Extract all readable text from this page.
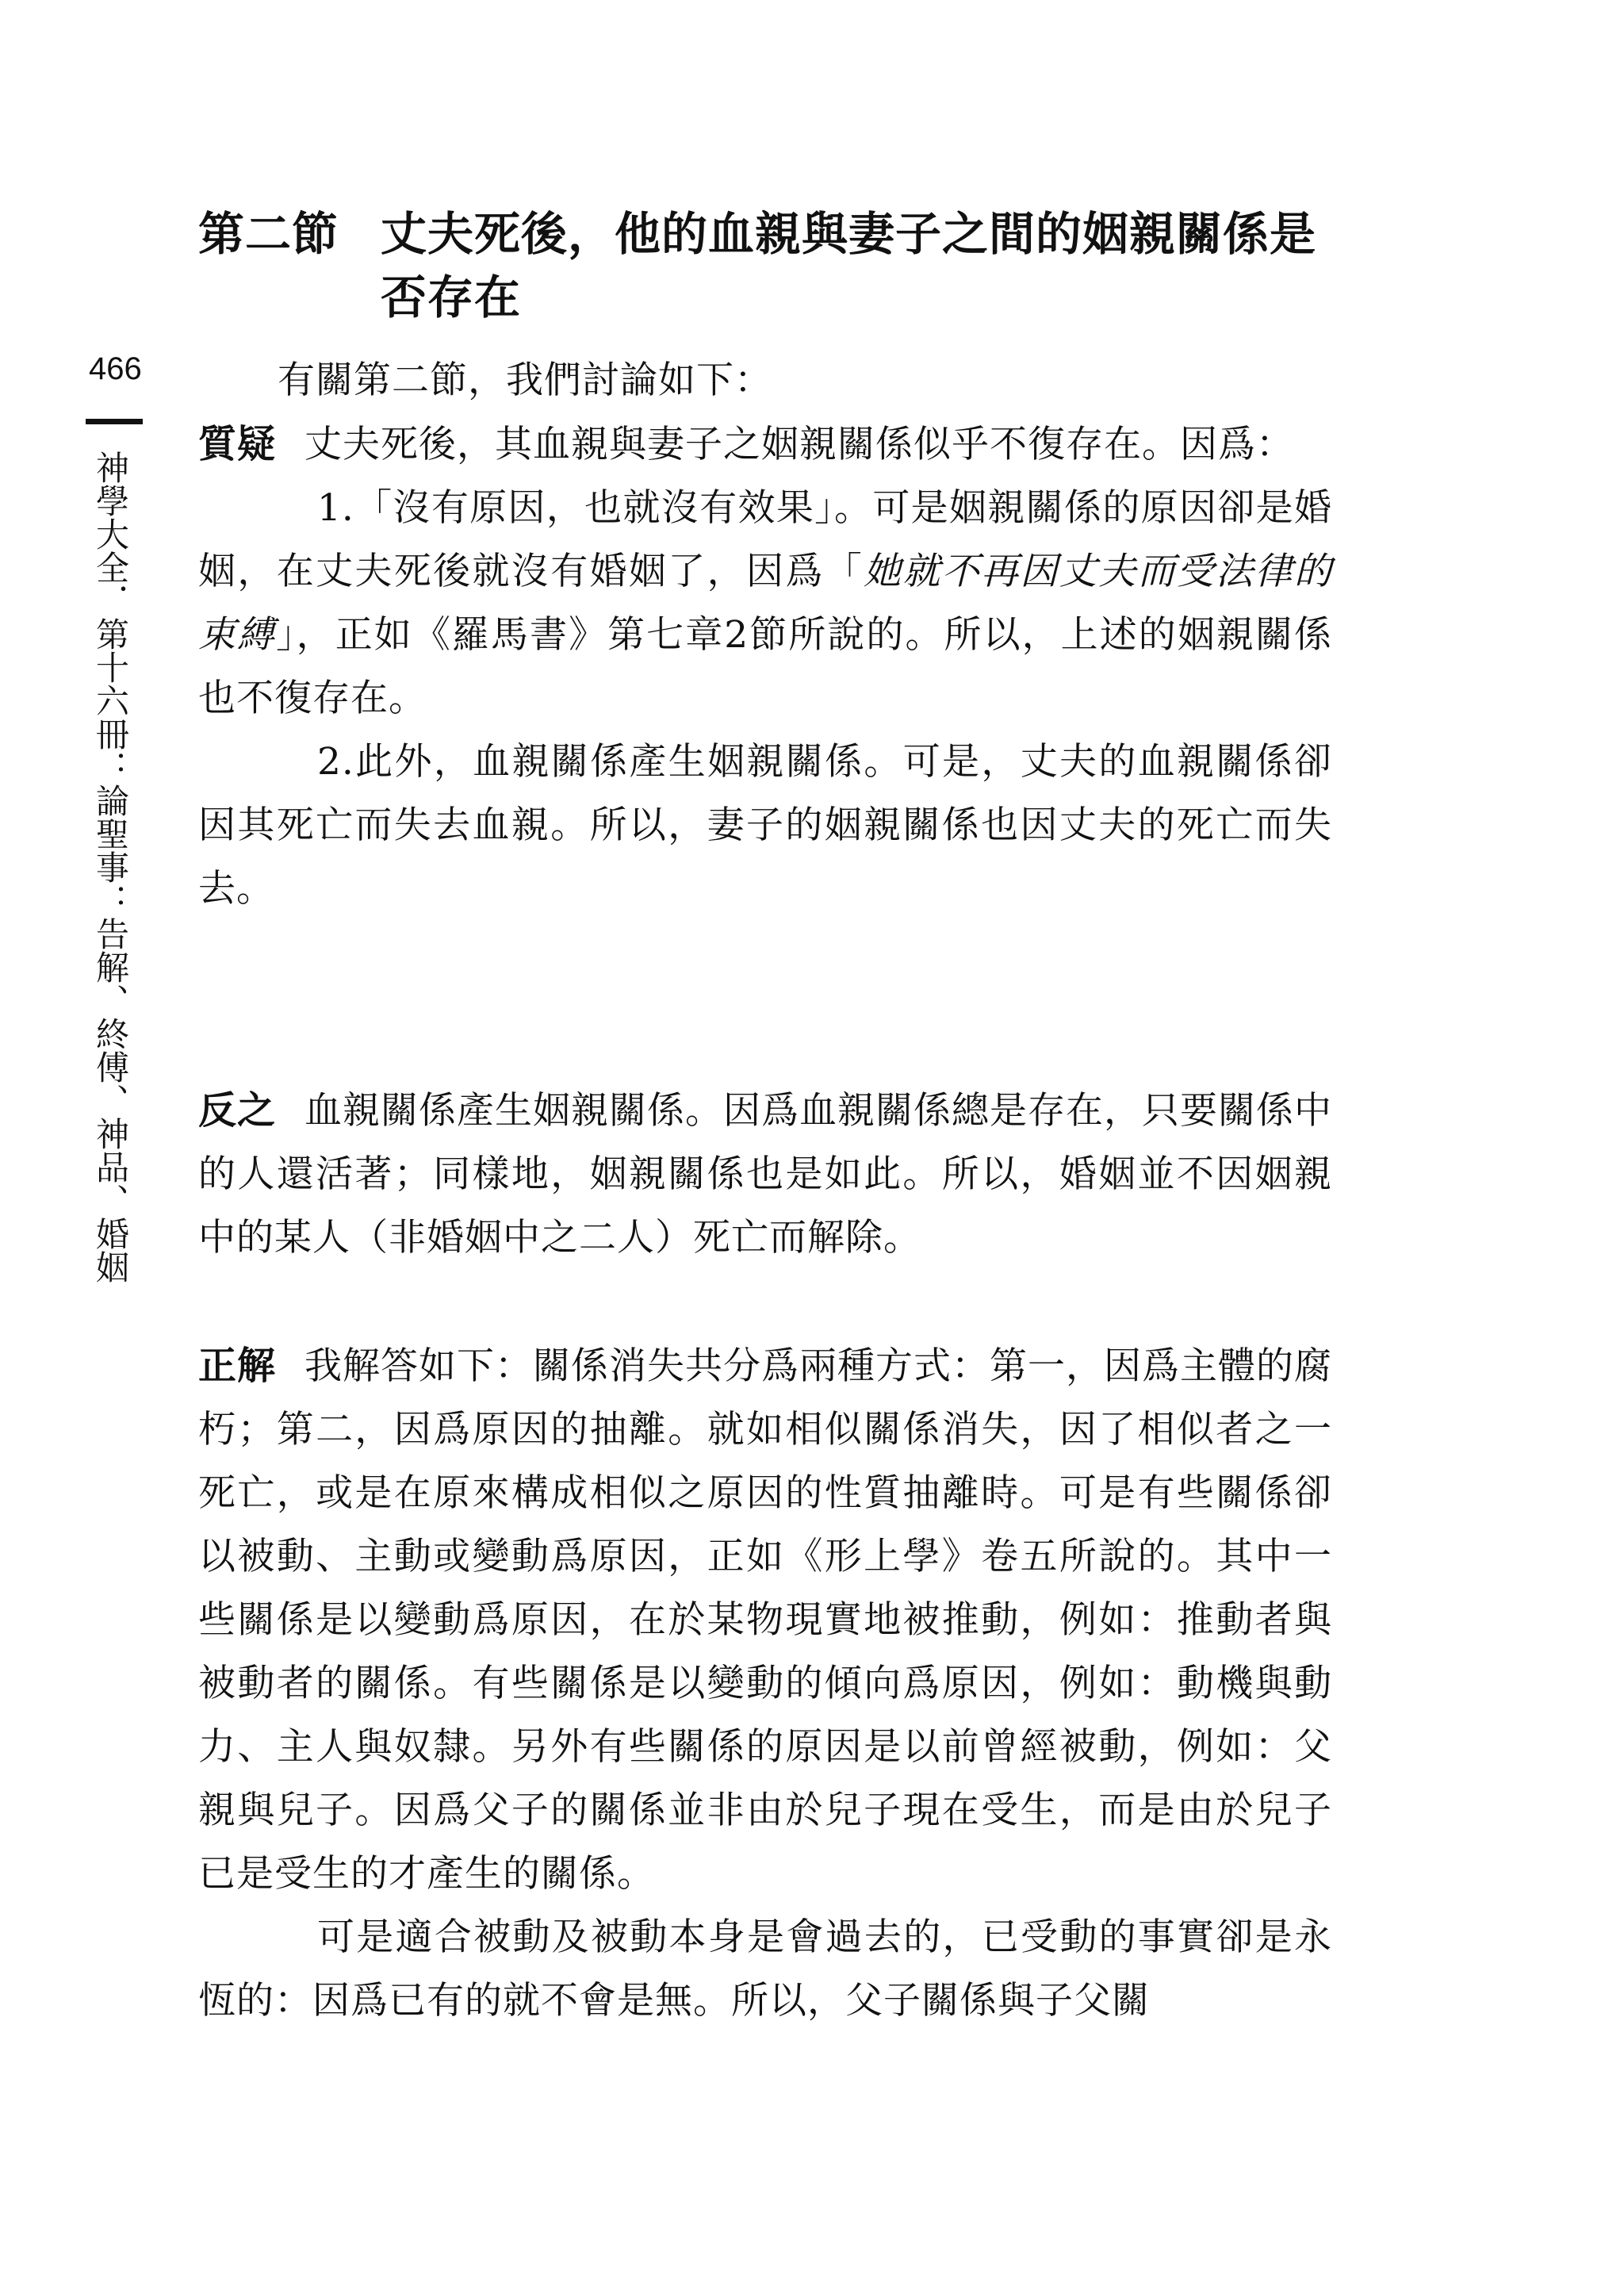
第二節 丈夫死後，他的血親與妻子之間的姻親關係是否存在
466
神學大全．第十六冊：論聖事：告解、終傅、神品、婚姻

有關第二節，我們討論如下：

質疑 丈夫死後，其血親與妻子之姻親關係似乎不復存在。因爲：

1.「沒有原因，也就沒有效果」。可是姻親關係的原因卻是婚姻，在丈夫死後就沒有婚姻了，因爲「她就不再因丈夫而受法律的束縛」，正如《羅馬書》第七章2節所說的。所以，上述的姻親關係也不復存在。

2.此外，血親關係產生姻親關係。可是，丈夫的血親關係卻因其死亡而失去血親。所以，妻子的姻親關係也因丈夫的死亡而失去。

反之 血親關係產生姻親關係。因爲血親關係總是存在，只要關係中的人還活著；同樣地，姻親關係也是如此。所以，婚姻並不因姻親中的某人（非婚姻中之二人）死亡而解除。

正解 我解答如下：關係消失共分爲兩種方式：第一，因爲主體的腐朽；第二，因爲原因的抽離。就如相似關係消失，因了相似者之一死亡，或是在原來構成相似之原因的性質抽離時。可是有些關係卻以被動、主動或變動爲原因，正如《形上學》卷五所說的。其中一些關係是以變動爲原因，在於某物現實地被推動，例如：推動者與被動者的關係。有些關係是以變動的傾向爲原因，例如：動機與動力、主人與奴隸。另外有些關係的原因是以前曾經被動，例如：父親與兒子。因爲父子的關係並非由於兒子現在受生，而是由於兒子已是受生的才產生的關係。

可是適合被動及被動本身是會過去的，已受動的事實卻是永恆的：因爲已有的就不會是無。所以，父子關係與子父關
